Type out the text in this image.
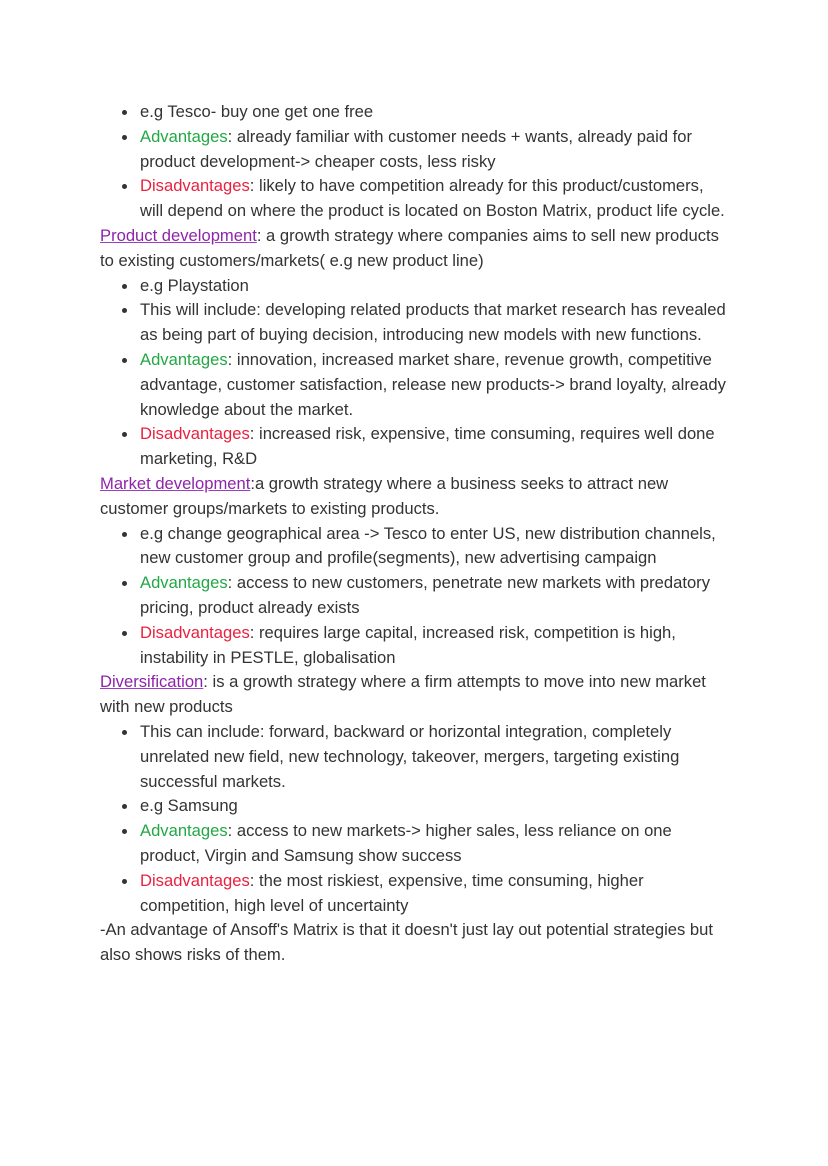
e.g Tesco- buy one get one free
Advantages: already familiar with customer needs + wants, already paid for product development-> cheaper costs, less risky
Disadvantages: likely to have competition already for this product/customers, will depend on where the product is located on Boston Matrix, product life cycle.

Product development: a growth strategy where companies aims to sell new products to existing customers/markets( e.g new product line)

e.g Playstation
This will include: developing related products that market research has revealed as being part of buying decision, introducing new models with new functions.
Advantages: innovation, increased market share, revenue growth, competitive advantage, customer satisfaction, release new products-> brand loyalty, already knowledge about the market.
Disadvantages: increased risk, expensive, time consuming, requires well done marketing, R&D

Market development:a growth strategy where a business seeks to attract new customer groups/markets to existing products.

e.g change geographical area -> Tesco to enter US, new distribution channels, new customer group and profile(segments), new advertising campaign
Advantages: access to new customers, penetrate new markets with predatory pricing, product already exists
Disadvantages: requires large capital, increased risk, competition is high, instability in PESTLE, globalisation

Diversification: is a growth strategy where a firm attempts to move into new market with new products

This can include: forward, backward or horizontal integration, completely unrelated new field, new technology, takeover, mergers, targeting existing successful markets.
e.g Samsung
Advantages: access to new markets-> higher sales, less reliance on one product, Virgin and Samsung show success
Disadvantages: the most riskiest, expensive, time consuming, higher competition, high level of uncertainty

-An advantage of Ansoff's Matrix is that it doesn't just lay out potential strategies but also shows risks of them.
